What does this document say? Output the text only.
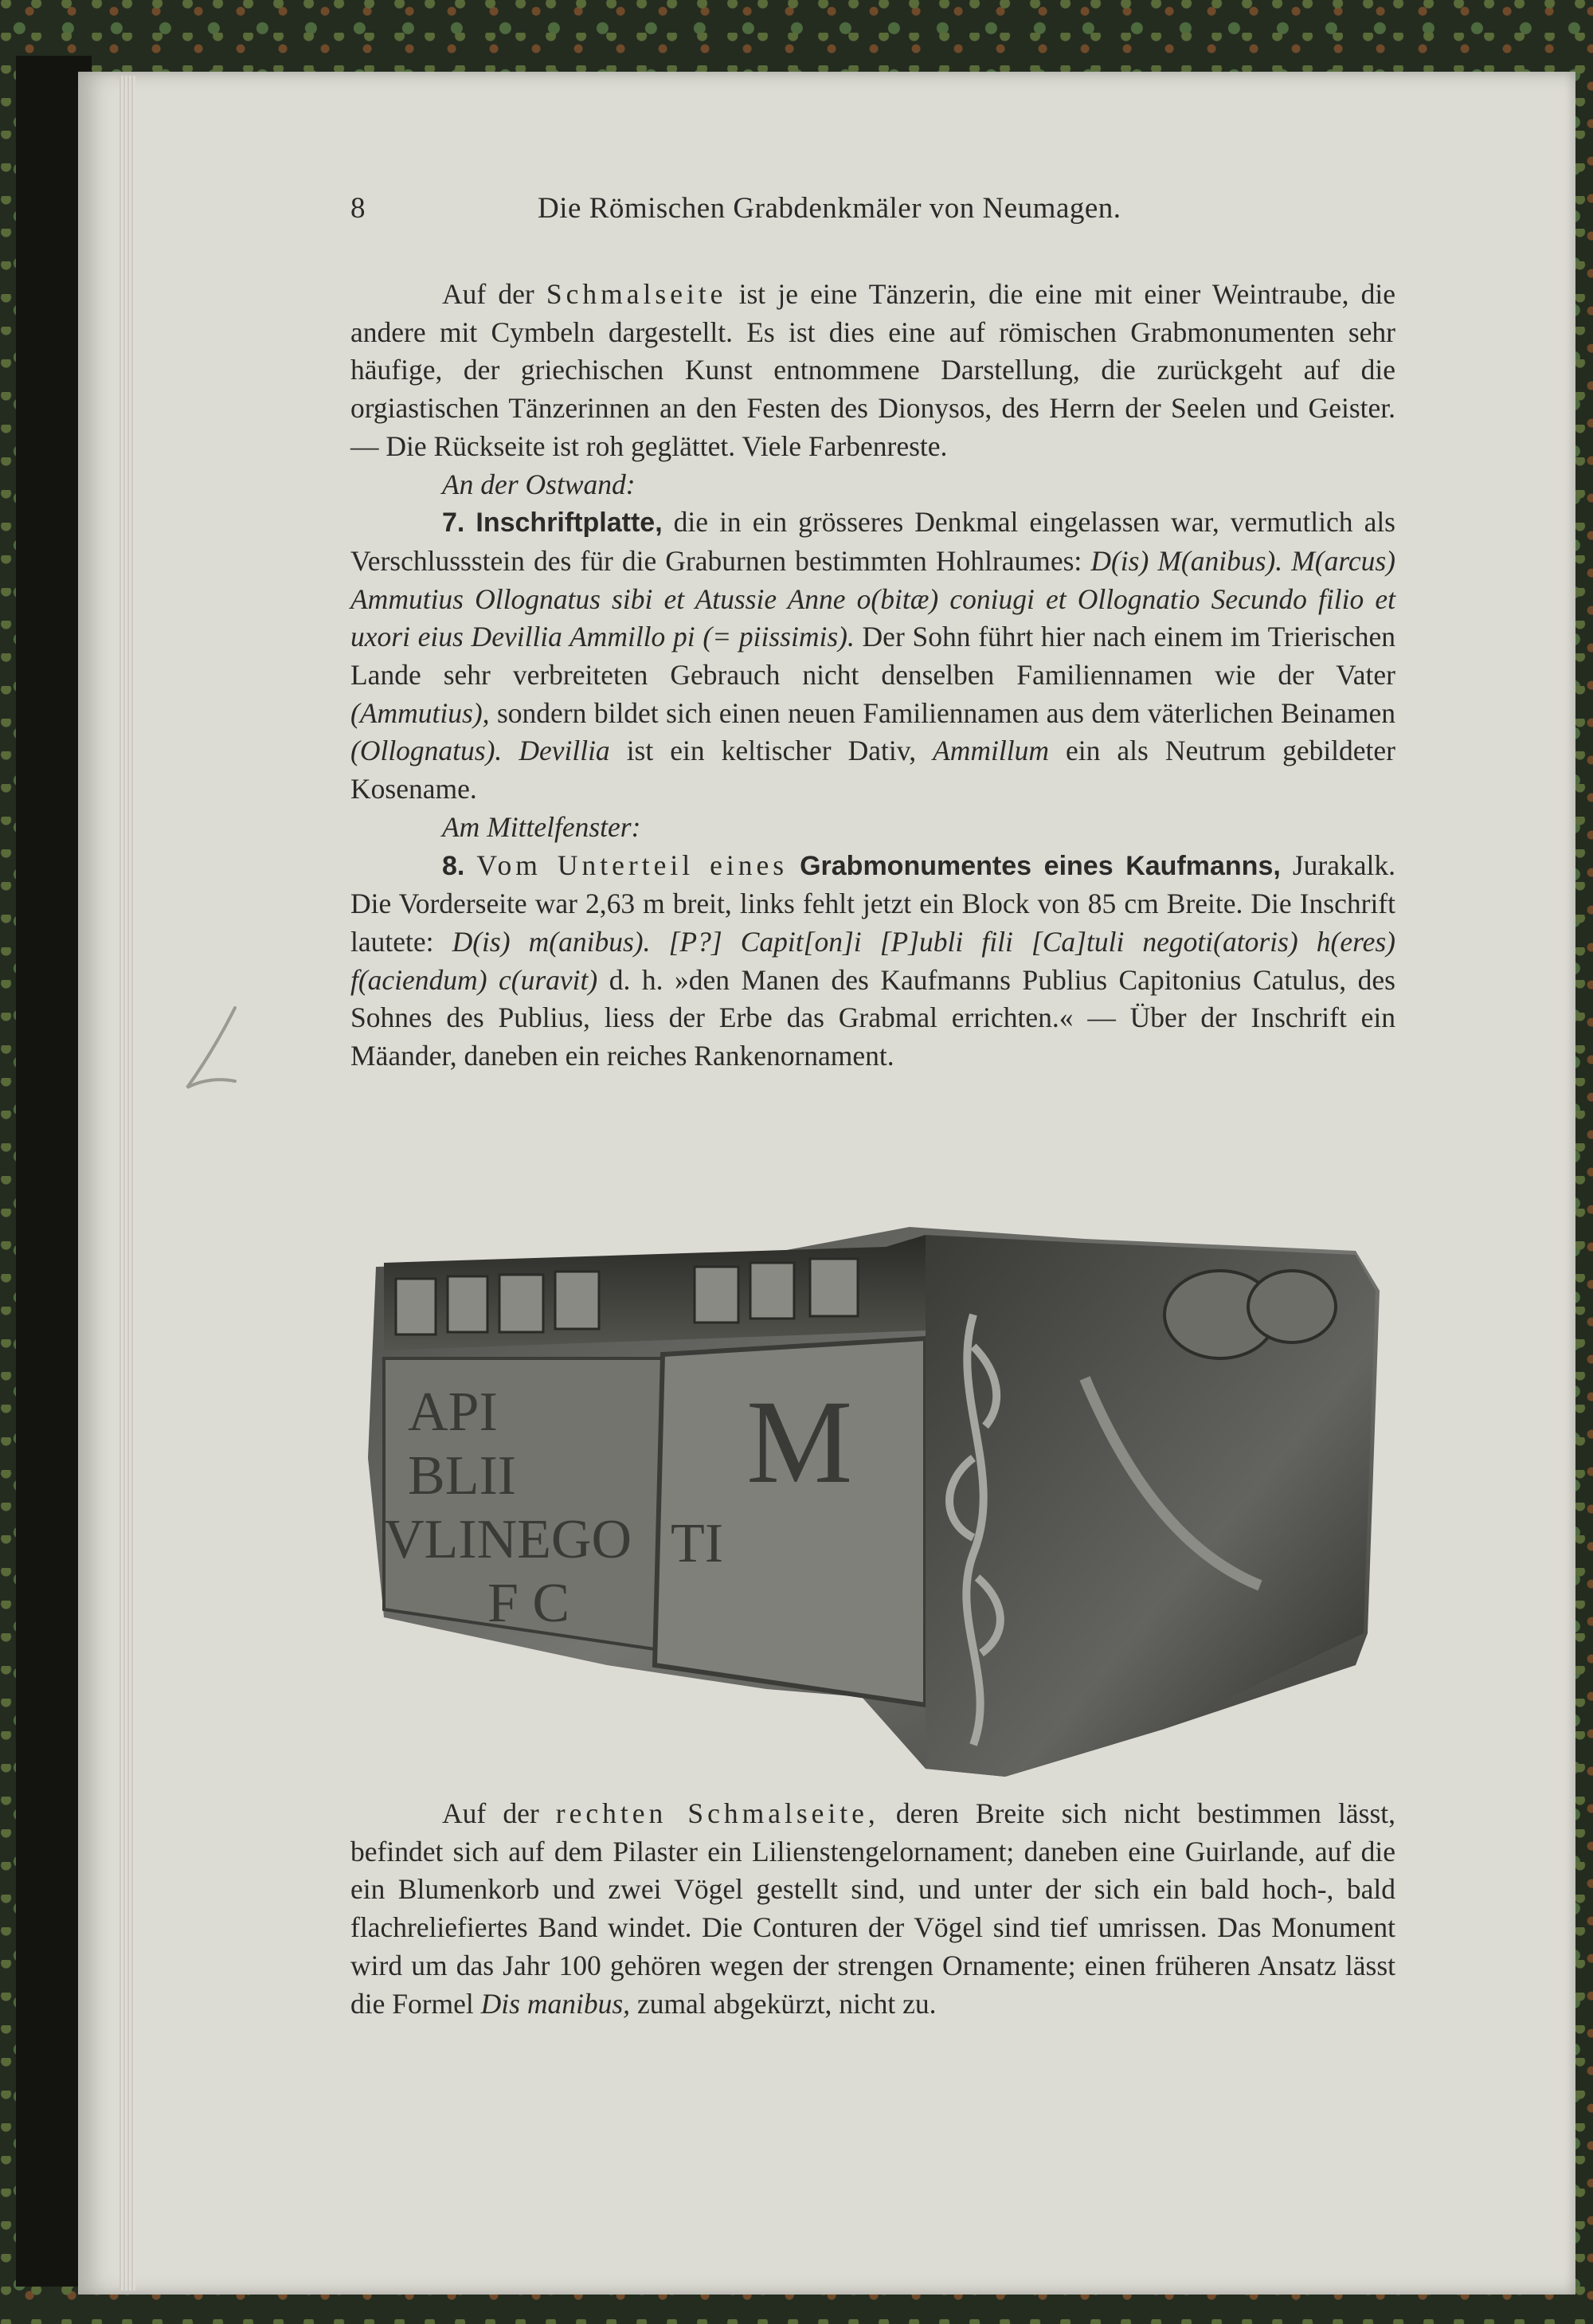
8	Die Römischen Grabdenkmäler von Neumagen.

Auf der Schmalseite ist je eine Tänzerin, die eine mit einer Weintraube, die andere mit Cymbeln dargestellt. Es ist dies eine auf römischen Grabmonumenten sehr häufige, der griechischen Kunst entnommene Darstellung, die zurückgeht auf die orgiastischen Tänzerinnen an den Festen des Dionysos, des Herrn der Seelen und Geister. — Die Rückseite ist roh geglättet. Viele Farbenreste.

An der Ostwand:

7. Inschriftplatte, die in ein grösseres Denkmal eingelassen war, vermutlich als Verschlussstein des für die Graburnen bestimmten Hohlraumes: D(is) M(anibus). M(arcus) Ammutius Ollognatus sibi et Atussie Anne o(bitæ) coniugi et Ollognatio Secundo filio et uxori eius Devillia Ammillo pi (= piissimis). Der Sohn führt hier nach einem im Trierischen Lande sehr verbreiteten Gebrauch nicht denselben Familiennamen wie der Vater (Ammutius), sondern bildet sich einen neuen Familiennamen aus dem väterlichen Beinamen (Ollognatus). Devillia ist ein keltischer Dativ, Ammillum ein als Neutrum gebildeter Kosename.

Am Mittelfenster:

8. Vom Unterteil eines Grabmonumentes eines Kaufmanns, Jurakalk. Die Vorderseite war 2,63 m breit, links fehlt jetzt ein Block von 85 cm Breite. Die Inschrift lautete: D(is) m(anibus). [P?] Capit[on]i [P]ubli fili [Ca]tuli negoti(atoris) h(eres) f(aciendum) c(uravit) d. h. »den Manen des Kaufmanns Publius Capitonius Catulus, des Sohnes des Publius, liess der Erbe das Grabmal errichten.« — Über der Inschrift ein Mäander, daneben ein reiches Rankenornament.

API
BLII
VLINEGO
F C
M
TI

Auf der rechten Schmalseite, deren Breite sich nicht bestimmen lässt, befindet sich auf dem Pilaster ein Lilienstengelornament; daneben eine Guirlande, auf die ein Blumenkorb und zwei Vögel gestellt sind, und unter der sich ein bald hoch-, bald flachreliefiertes Band windet. Die Conturen der Vögel sind tief umrissen. Das Monument wird um das Jahr 100 gehören wegen der strengen Ornamente; einen früheren Ansatz lässt die Formel Dis manibus, zumal abgekürzt, nicht zu.
